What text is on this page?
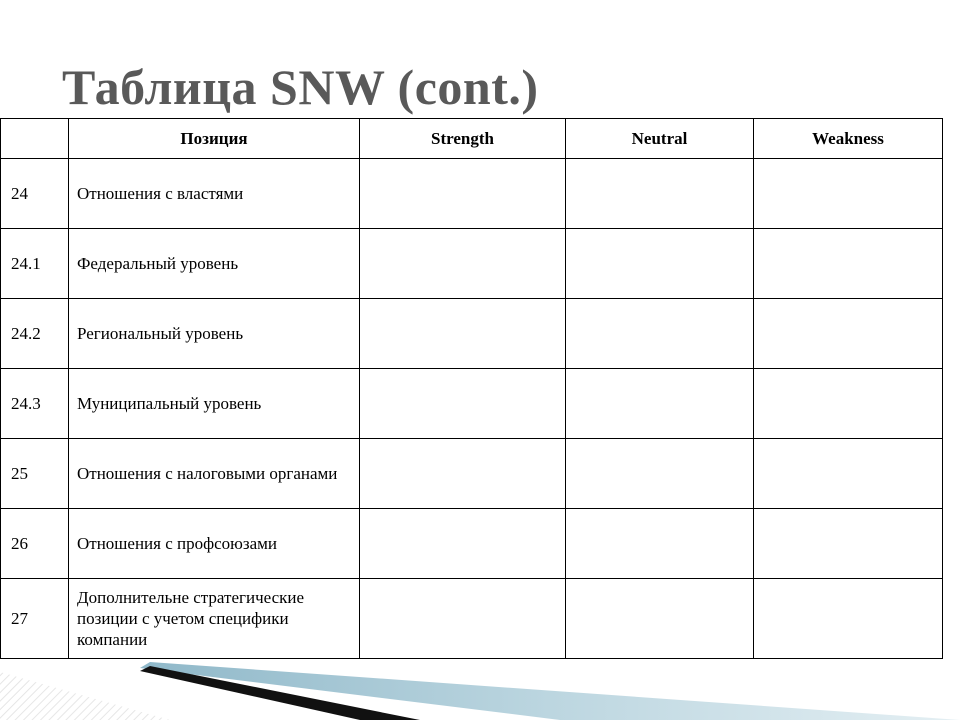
Таблица SNW (cont.)
	Позиция	Strength	Neutral	Weakness
24	Отношения с властями			
24.1	Федеральный уровень			
24.2	Региональный уровень			
24.3	Муниципальный уровень			
25	Отношения с налоговыми органами			
26	Отношения с профсоюзами			
27	Дополнительне стратегические позиции с учетом специфики компании			
